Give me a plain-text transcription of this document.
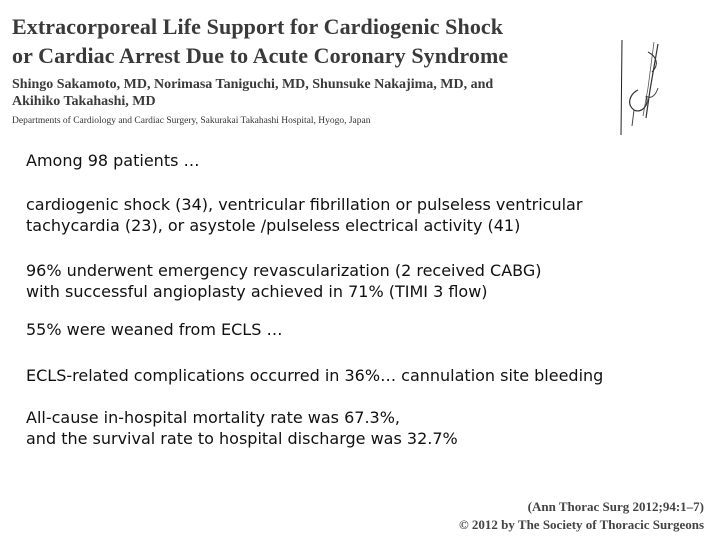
Extracorporeal Life Support for Cardiogenic Shock
or Cardiac Arrest Due to Acute Coronary Syndrome
Shingo Sakamoto, MD, Norimasa Taniguchi, MD, Shunsuke Nakajima, MD, and
Akihiko Takahashi, MD
Departments of Cardiology and Cardiac Surgery, Sakurakai Takahashi Hospital, Hyogo, Japan
Among 98 patients …
cardiogenic shock (34), ventricular fibrillation or pulseless ventricular
tachycardia (23), or asystole /pulseless electrical activity (41)
96% underwent emergency revascularization (2 received CABG)
with successful angioplasty achieved in 71% (TIMI 3 flow)
55% were weaned from ECLS …
ECLS-related complications occurred in 36%… cannulation site bleeding
All-cause in-hospital mortality rate was 67.3%,
and the survival rate to hospital discharge was 32.7%
(Ann Thorac Surg 2012;94:1–7)
© 2012 by The Society of Thoracic Surgeons
